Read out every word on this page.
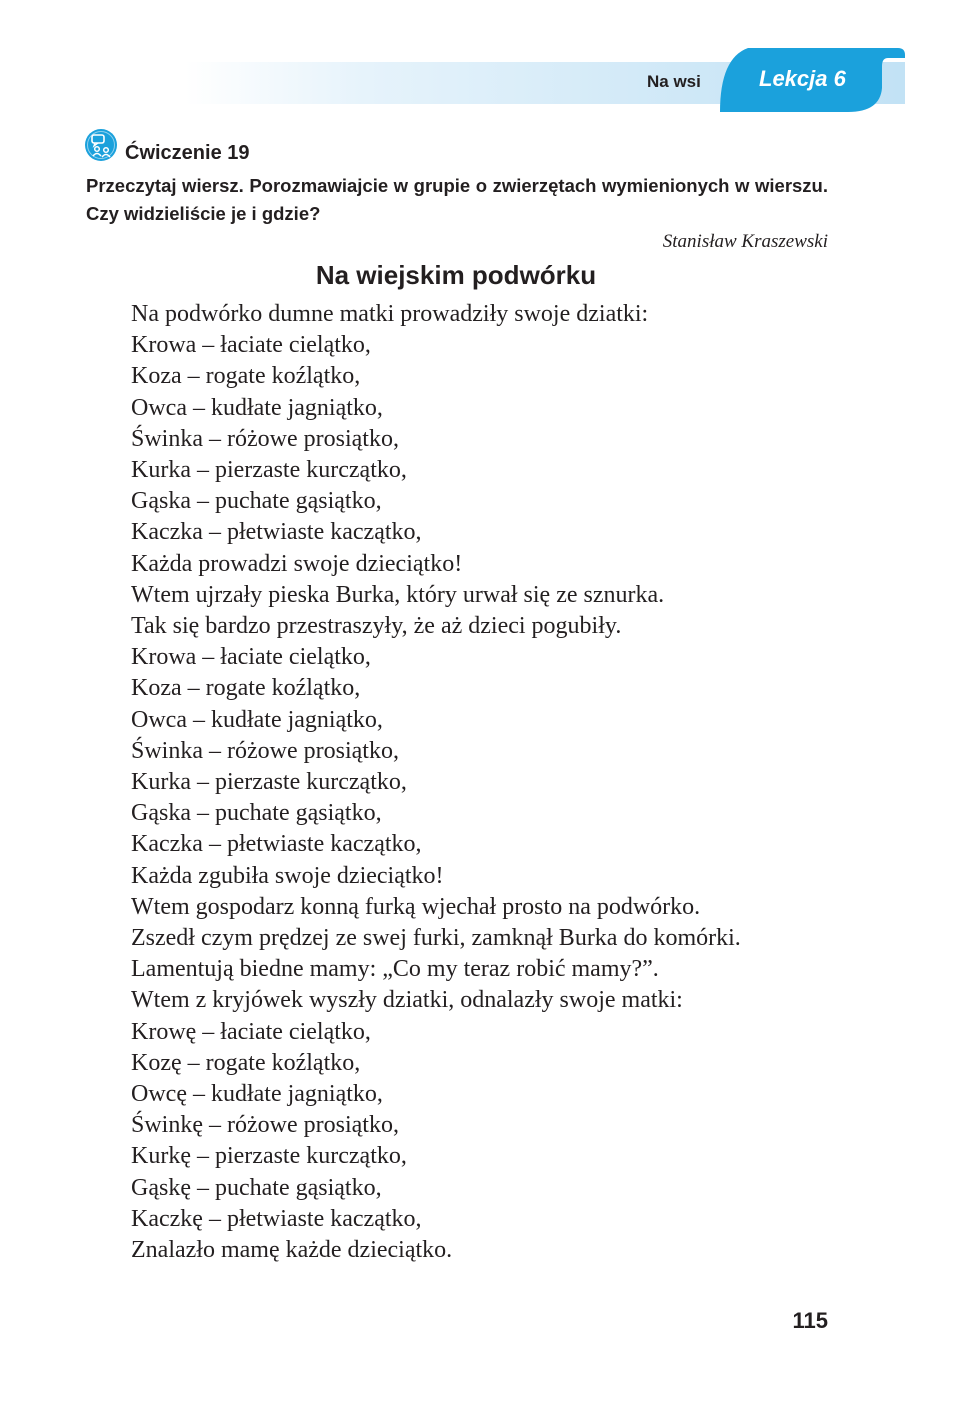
Na wsi	Lekcja 6
Ćwiczenie 19
Przeczytaj wiersz. Porozmawiajcie w grupie o zwierzętach wymienionych w wierszu. Czy widzieliście je i gdzie?
Stanisław Kraszewski
Na wiejskim podwórku
Na podwórko dumne matki prowadziły swoje dziatki:
Krowa – łaciate cielątko,
Koza – rogate koźlątko,
Owca – kudłate jagniątko,
Świnka – różowe prosiątko,
Kurka – pierzaste kurczątko,
Gąska – puchate gąsiątko,
Kaczka – płetwiaste kaczątko,
Każda prowadzi swoje dzieciątko!
Wtem ujrzały pieska Burka, który urwał się ze sznurka.
Tak się bardzo przestraszyły, że aż dzieci pogubiły.
Krowa – łaciate cielątko,
Koza – rogate koźlątko,
Owca – kudłate jagniątko,
Świnka – różowe prosiątko,
Kurka – pierzaste kurczątko,
Gąska – puchate gąsiątko,
Kaczka – płetwiaste kaczątko,
Każda zgubiła swoje dzieciątko!
Wtem gospodarz konną furką wjechał prosto na podwórko.
Zszedł czym prędzej ze swej furki, zamknął Burka do komórki.
Lamentują biedne mamy: „Co my teraz robić mamy?”.
Wtem z kryjówek wyszły dziatki, odnalazły swoje matki:
Krowę – łaciate cielątko,
Kozę – rogate koźlątko,
Owcę – kudłate jagniątko,
Świnkę – różowe prosiątko,
Kurkę – pierzaste kurczątko,
Gąskę – puchate gąsiątko,
Kaczkę – płetwiaste kaczątko,
Znalazło mamę każde dzieciątko.
115
